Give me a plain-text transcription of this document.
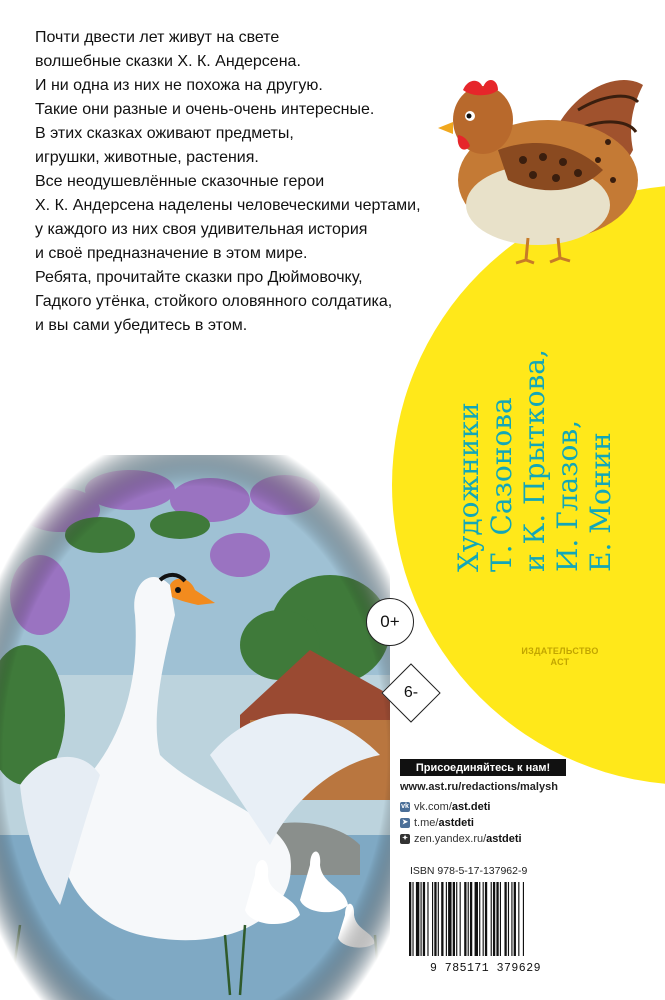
Почти двести лет живут на свете

волшебные сказки Х. К. Андерсена.

И ни одна из них не похожа на другую.

Такие они разные и очень-очень интересные.

В этих сказках оживают предметы,

игрушки, животные, растения.

Все неодушевлённые сказочные герои

Х. К. Андерсена наделены человеческими чертами,

у каждого из них своя удивительная история

и своё предназначение в этом мире.

Ребята, прочитайте сказки про Дюймовочку,

Гадкого утёнка, стойкого оловянного солдатика,

и вы сами убедитесь в этом.

Художники Т. Сазонова и К. Прыткова, И. Глазов, Е. Монин
ИЗДАТЕЛЬСТВО
АСТ
0+
6-
Присоединяйтесь к нам!
www.ast.ru/redactions/malysh
vk vk.com/ ast.deti
➤ t.me/ astdeti
✦ zen.yandex.ru/ astdeti
ISBN 978-5-17-137962-9
9 785171 379629
